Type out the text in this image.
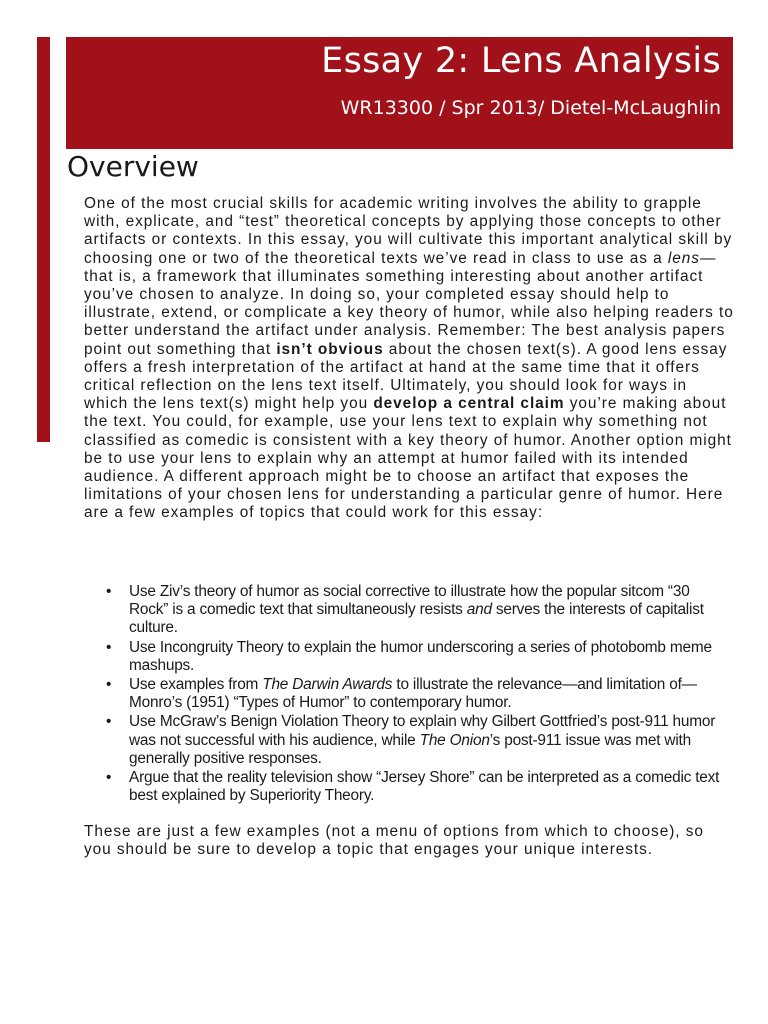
Essay 2: Lens Analysis

WR13300 / Spr 2013/ Dietel-McLaughlin

Overview

One of the most crucial skills for academic writing involves the ability to grapple with, explicate, and “test” theoretical concepts by applying those concepts to other artifacts or contexts. In this essay, you will cultivate this important analytical skill by choosing one or two of the theoretical texts we’ve read in class to use as a lens—that is, a framework that illuminates something interesting about another artifact you’ve chosen to analyze. In doing so, your completed essay should help to illustrate, extend, or complicate a key theory of humor, while also helping readers to better understand the artifact under analysis. Remember: The best analysis papers point out something that isn’t obvious about the chosen text(s). A good lens essay offers a fresh interpretation of the artifact at hand at the same time that it offers critical reflection on the lens text itself. Ultimately, you should look for ways in which the lens text(s) might help you develop a central claim you’re making about the text. You could, for example, use your lens text to explain why something not classified as comedic is consistent with a key theory of humor. Another option might be to use your lens to explain why an attempt at humor failed with its intended audience. A different approach might be to choose an artifact that exposes the limitations of your chosen lens for understanding a particular genre of humor. Here are a few examples of topics that could work for this essay:

• Use Ziv’s theory of humor as social corrective to illustrate how the popular sitcom “30 Rock” is a comedic text that simultaneously resists and serves the interests of capitalist culture.
• Use Incongruity Theory to explain the humor underscoring a series of photobomb meme mashups.
• Use examples from The Darwin Awards to illustrate the relevance—and limitation of—Monro’s (1951) “Types of Humor” to contemporary humor.
• Use McGraw’s Benign Violation Theory to explain why Gilbert Gottfried’s post-911 humor was not successful with his audience, while The Onion’s post-911 issue was met with generally positive responses.
• Argue that the reality television show “Jersey Shore” can be interpreted as a comedic text best explained by Superiority Theory.

These are just a few examples (not a menu of options from which to choose), so you should be sure to develop a topic that engages your unique interests.
